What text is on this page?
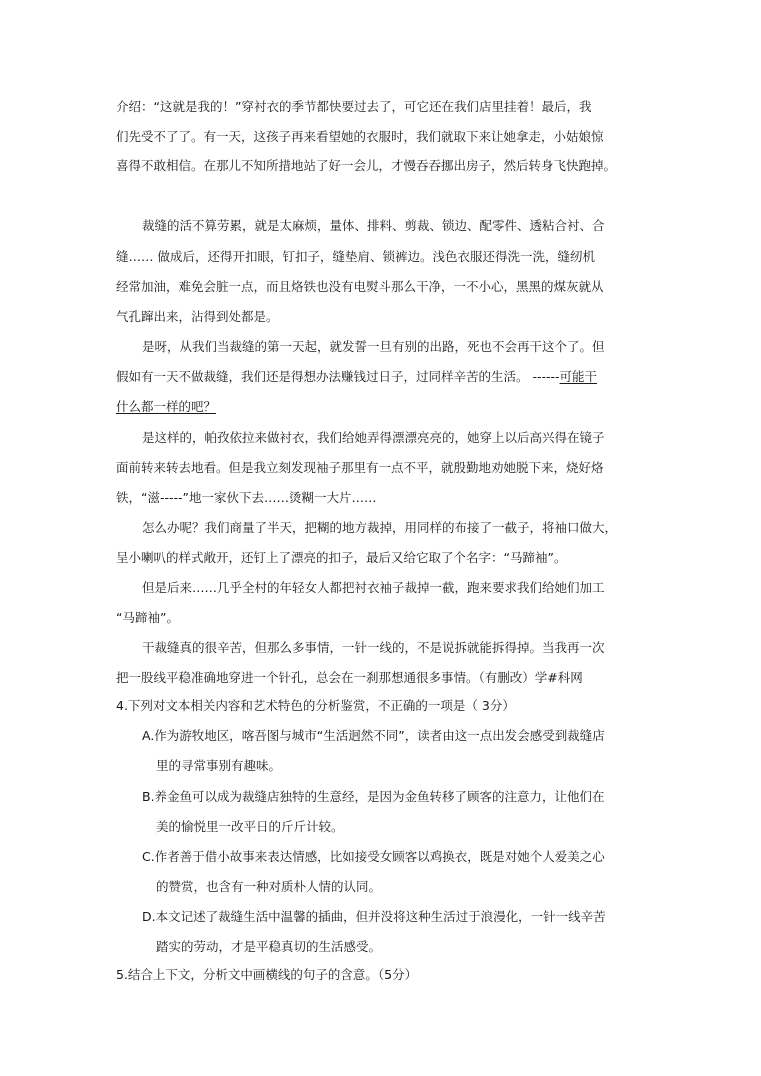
介绍：“这就是我的！”穿衬衣的季节都快要过去了，可它还在我们店里挂着！最后，我
们先受不了了。有一天，这孩子再来看望她的衣服时，我们就取下来让她拿走，小姑娘惊
喜得不敢相信。在那儿不知所措地站了好一会儿，才慢吞吞挪出房子，然后转身飞快跑掉。
裁缝的活不算劳累，就是太麻烦，量体、排料、剪裁、锁边、配零件、透粘合衬、合
缝…… 做成后，还得开扣眼，钉扣子，缝垫肩、锁裤边。浅色衣服还得洗一洗，缝纫机
经常加油，难免会脏一点，而且烙铁也没有电熨斗那么干净，一不小心，黑黑的煤灰就从
气孔蹿出来，沾得到处都是。
是呀，从我们当裁缝的第一天起，就发誓一旦有别的出路，死也不会再干这个了。但
假如有一天不做裁缝，我们还是得想办法赚钱过日子，过同样辛苦的生活。 ------可能干
什么都一样的吧？
是这样的，帕孜依拉来做衬衣，我们给她弄得漂漂亮亮的，她穿上以后高兴得在镜子
面前转来转去地看。但是我立刻发现袖子那里有一点不平，就殷勤地劝她脱下来，烧好烙
铁，“滋-----”地一家伙下去……烫糊一大片……
怎么办呢？我们商量了半天，把糊的地方裁掉，用同样的布接了一截子，将袖口做大，
呈小喇叭的样式敞开，还钉上了漂亮的扣子，最后又给它取了个名字：“马蹄袖”。
但是后来……几乎全村的年轻女人都把衬衣袖子裁掉一截，跑来要求我们给她们加工
“马蹄袖”。
干裁缝真的很辛苦，但那么多事情，一针一线的，不是说拆就能拆得掉。当我再一次
把一股线平稳准确地穿进一个针孔，总会在一刹那想通很多事情。（有删改）学#科网
4.下列对文本相关内容和艺术特色的分析鉴赏，不正确的一项是（ 3分）
A.作为游牧地区，喀吾图与城市“生活迥然不同”，读者由这一点出发会感受到裁缝店
里的寻常事别有趣味。
B.养金鱼可以成为裁缝店独特的生意经，是因为金鱼转移了顾客的注意力，让他们在
美的愉悦里一改平日的斤斤计较。
C.作者善于借小故事来表达情感，比如接受女顾客以鸡换衣，既是对她个人爱美之心
的赞赏，也含有一种对质朴人情的认同。
D.本文记述了裁缝生活中温馨的插曲，但并没将这种生活过于浪漫化，一针一线辛苦
踏实的劳动，才是平稳真切的生活感受。
5.结合上下文，分析文中画横线的句子的含意。（5分）
